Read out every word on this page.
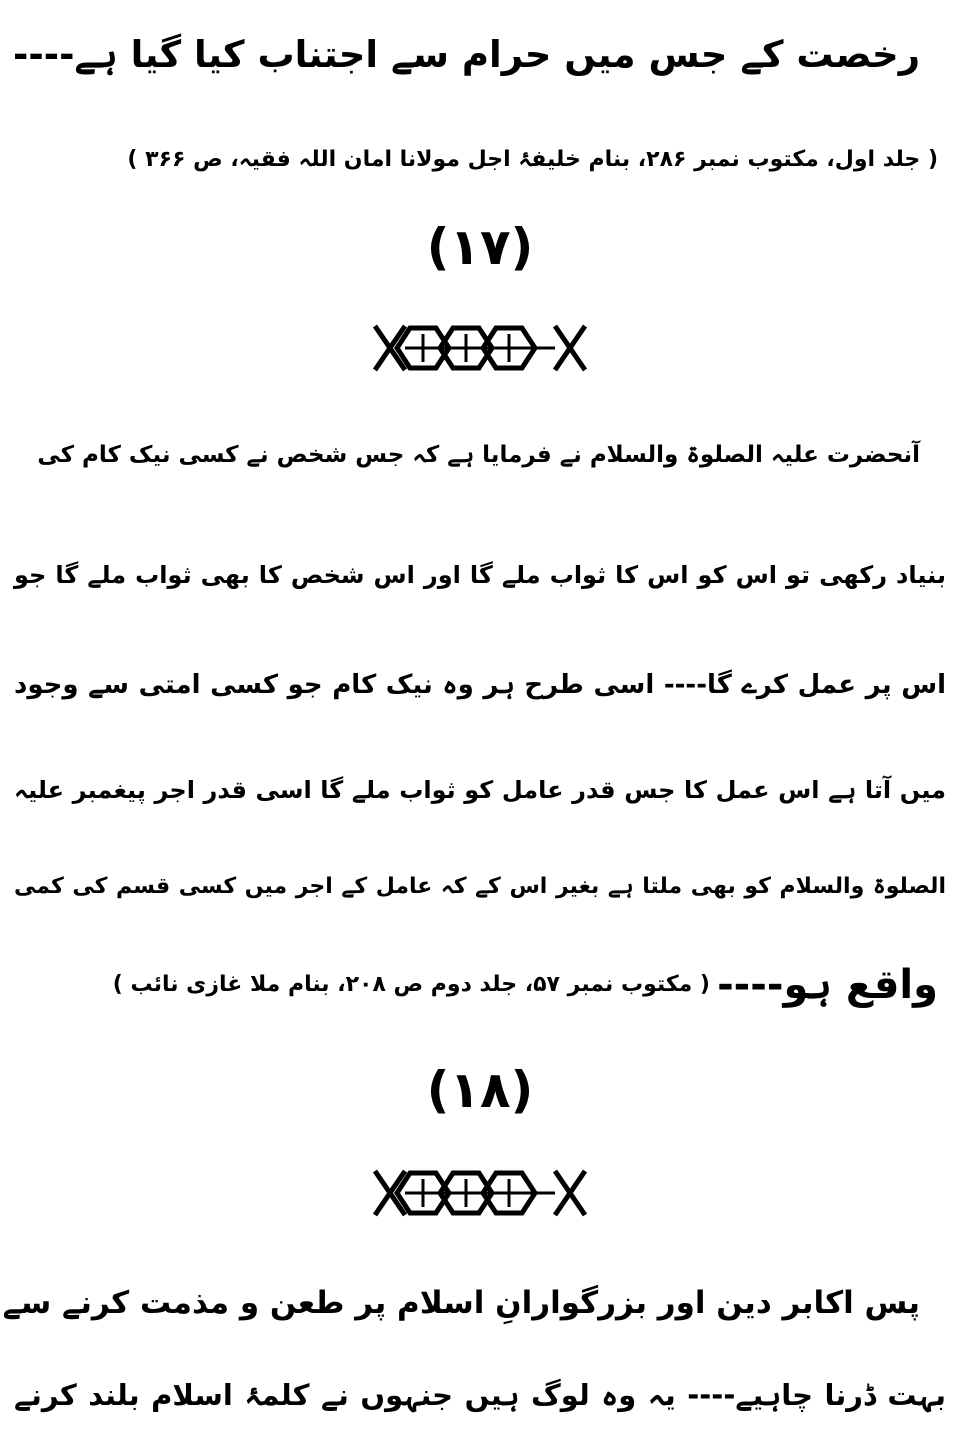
رخصت کے جس میں حرام سے اجتناب کیا گیا ہے----
( جلد اول، مکتوب نمبر ۲۸۶، بنام خلیفۂ اجل مولانا امان اللہ فقیہ، ص ۳۶۶ )
(۱۷)
آنحضرت علیہ الصلوۃ والسلام نے فرمایا ہے کہ جس شخص نے کسی نیک کام کی
بنیاد رکھی تو اس کو اس کا ثواب ملے گا اور اس شخص کا بھی ثواب ملے گا جو
اس پر عمل کرے گا---- اسی طرح ہر وہ نیک کام جو کسی امتی سے وجود
میں آتا ہے اس عمل کا جس قدر عامل کو ثواب ملے گا اسی قدر اجر پیغمبر علیہ
الصلوۃ والسلام کو بھی ملتا ہے بغیر اس کے کہ عامل کے اجر میں کسی قسم کی کمی
واقع ہو----
( مکتوب نمبر ۵۷، جلد دوم ص ۲۰۸، بنام ملا غازی نائب )
(۱۸)
پس اکابر دین اور بزرگوارانِ اسلام پر طعن و مذمت کرنے سے
بہت ڈرنا چاہیے---- یہ وہ لوگ ہیں جنہوں نے کلمۂ اسلام بلند کرنے
